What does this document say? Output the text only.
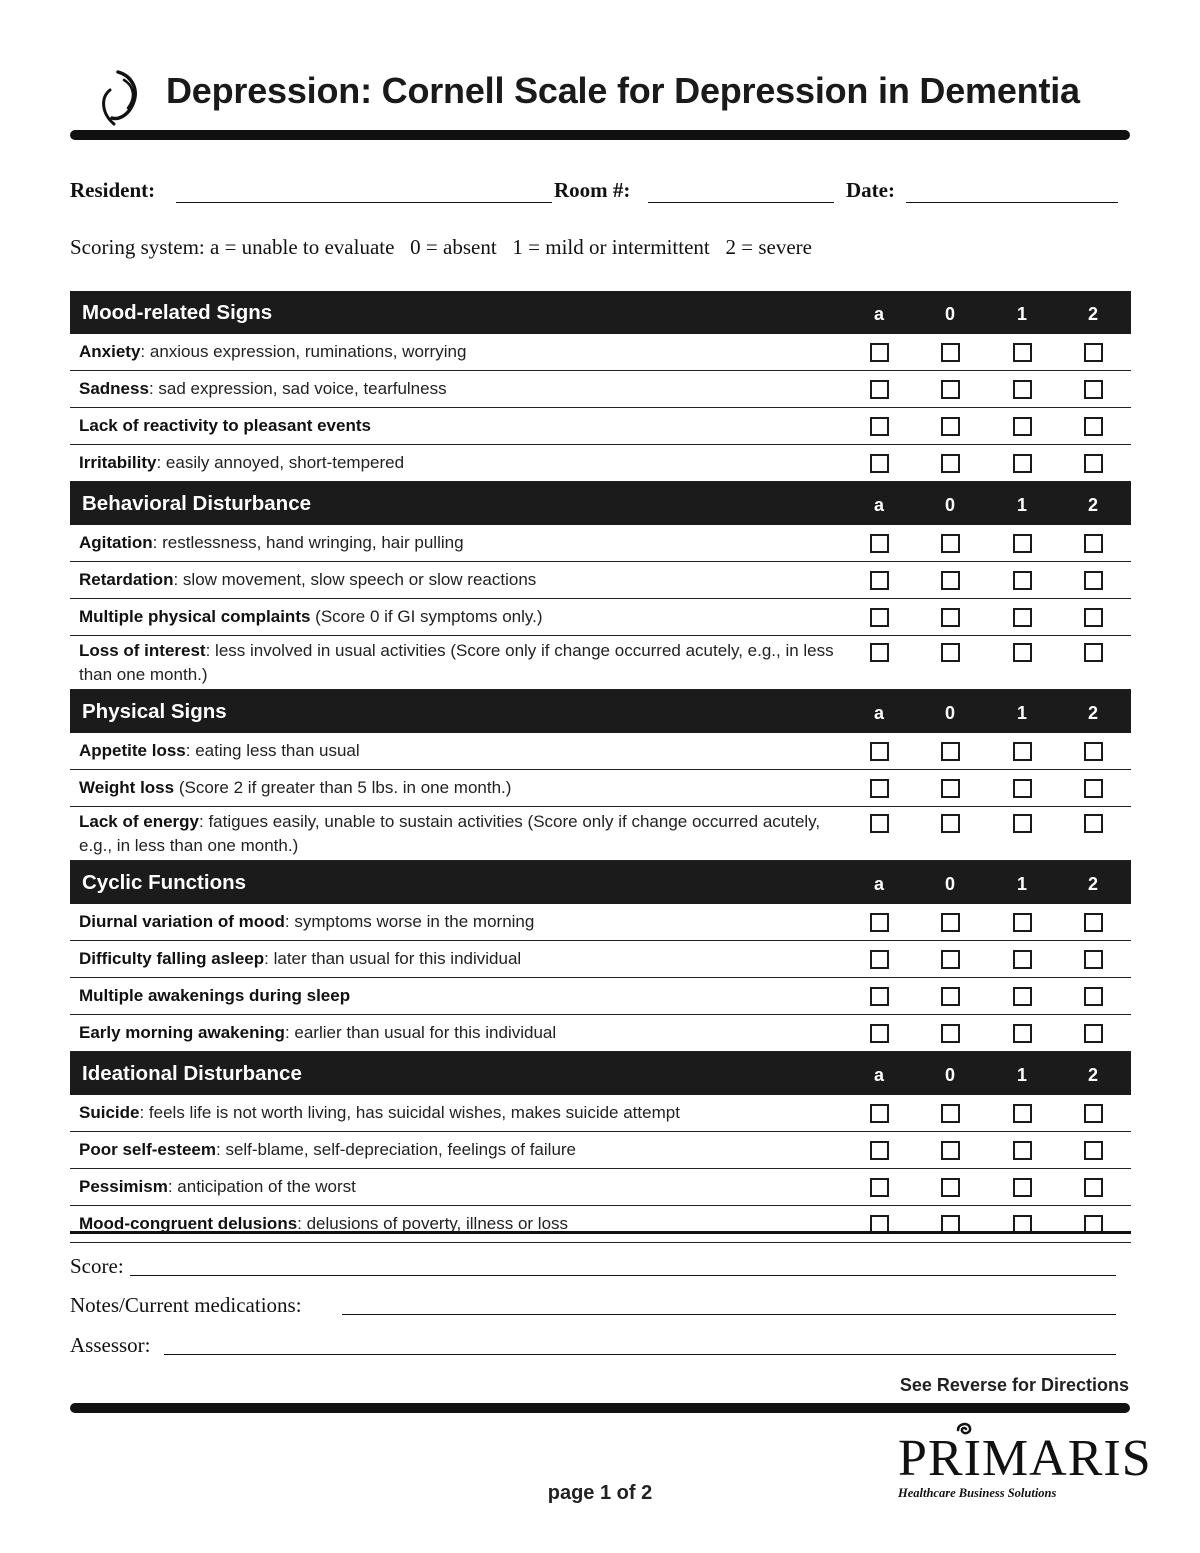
Depression: Cornell Scale for Depression in Dementia
Resident:	Room #:	Date:
Scoring system: a = unable to evaluate   0 = absent   1 = mild or intermittent   2 = severe
Mood-related Signs	a	0	1	2
Anxiety: anxious expression, ruminations, worrying
Sadness: sad expression, sad voice, tearfulness
Lack of reactivity to pleasant events
Irritability: easily annoyed, short-tempered
Behavioral Disturbance	a	0	1	2
Agitation: restlessness, hand wringing, hair pulling
Retardation: slow movement, slow speech or slow reactions
Multiple physical complaints (Score 0 if GI symptoms only.)
Loss of interest: less involved in usual activities (Score only if change occurred acutely, e.g., in less than one month.)
Physical Signs	a	0	1	2
Appetite loss: eating less than usual
Weight loss (Score 2 if greater than 5 lbs. in one month.)
Lack of energy: fatigues easily, unable to sustain activities (Score only if change occurred acutely, e.g., in less than one month.)
Cyclic Functions	a	0	1	2
Diurnal variation of mood: symptoms worse in the morning
Difficulty falling asleep: later than usual for this individual
Multiple awakenings during sleep
Early morning awakening: earlier than usual for this individual
Ideational Disturbance	a	0	1	2
Suicide: feels life is not worth living, has suicidal wishes, makes suicide attempt
Poor self-esteem: self-blame, self-depreciation, feelings of failure
Pessimism: anticipation of the worst
Mood-congruent delusions: delusions of poverty, illness or loss
Score:
Notes/Current medications:
Assessor:
See Reverse for Directions
page 1 of 2
PRIMARIS
Healthcare Business Solutions
